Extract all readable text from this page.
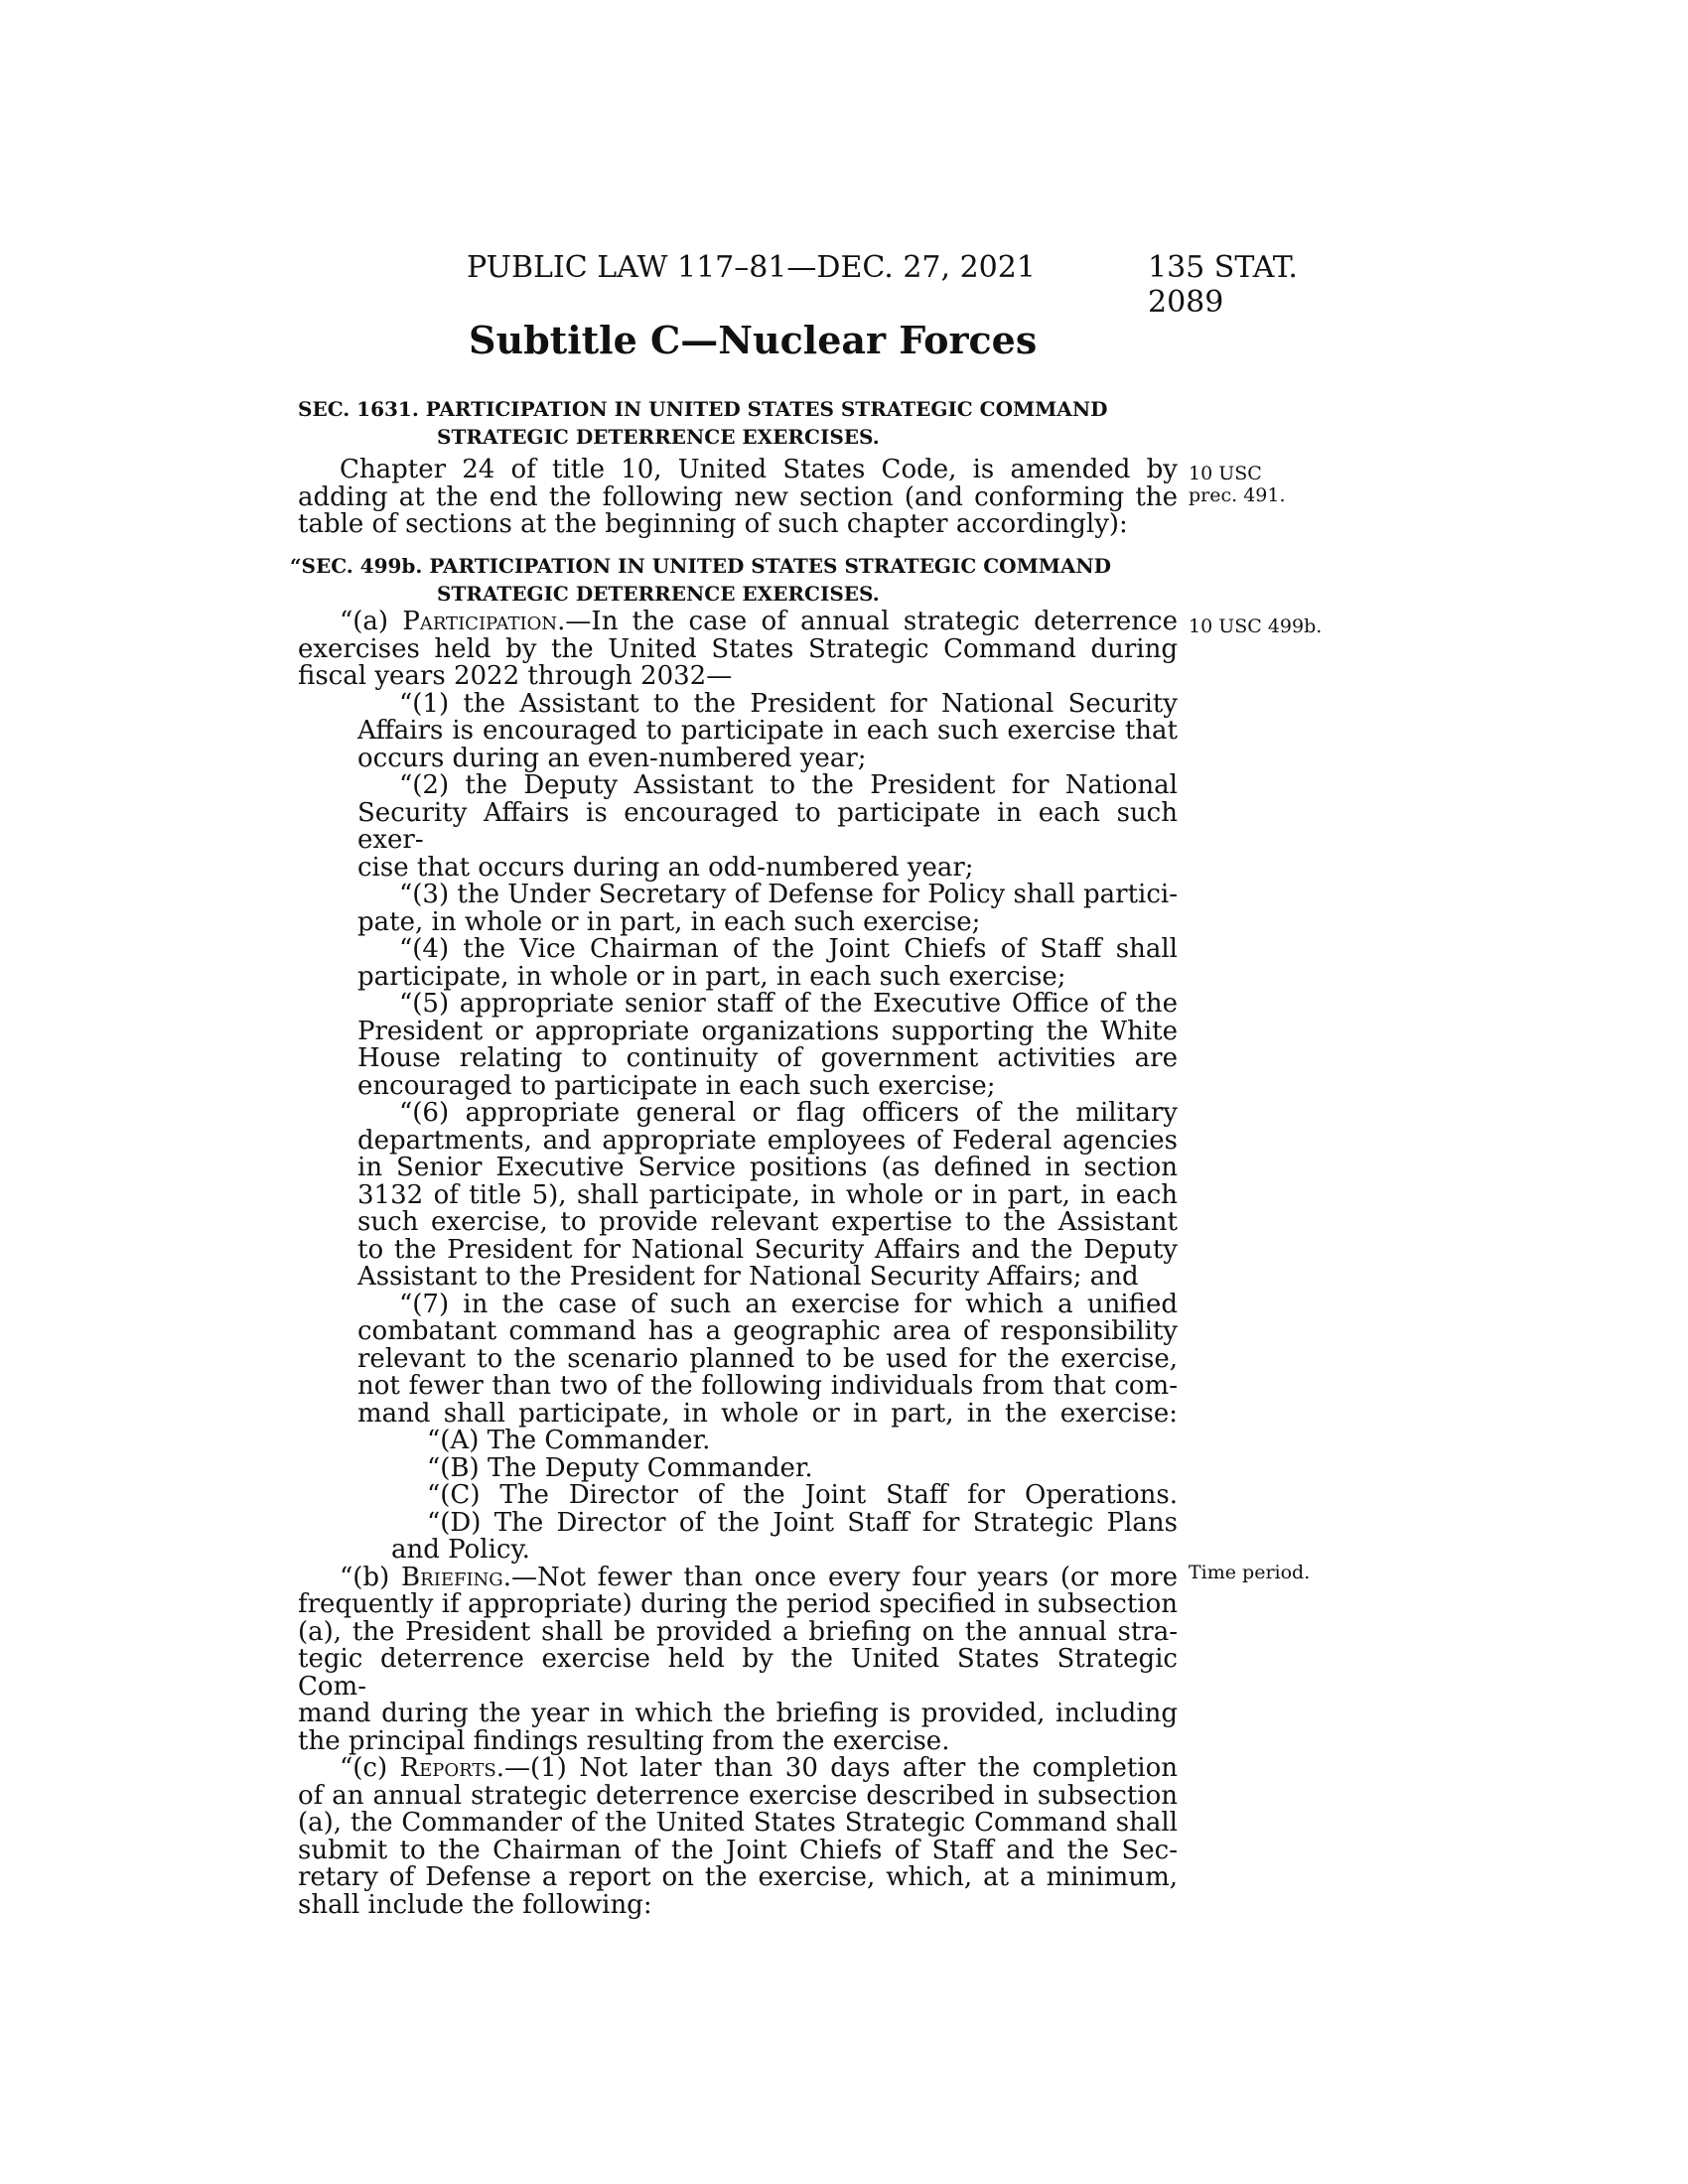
PUBLIC LAW 117–81—DEC. 27, 2021	135 STAT. 2089
Subtitle C—Nuclear Forces
SEC. 1631. PARTICIPATION IN UNITED STATES STRATEGIC COMMAND
STRATEGIC DETERRENCE EXERCISES.

Chapter 24 of title 10, United States Code, is amended by

adding at the end the following new section (and conforming the
table of sections at the beginning of such chapter accordingly):

10 USC
prec. 491.
“SEC. 499b. PARTICIPATION IN UNITED STATES STRATEGIC COMMAND
STRATEGIC DETERRENCE EXERCISES.
10 USC 499b.

“(a) Participation.—In the case of annual strategic deterrence

exercises held by the United States Strategic Command during
fiscal years 2022 through 2032—

“(1) the Assistant to the President for National Security

Affairs is encouraged to participate in each such exercise that
occurs during an even-numbered year;

“(2) the Deputy Assistant to the President for National

Security Affairs is encouraged to participate in each such exer-
cise that occurs during an odd-numbered year;

“(3) the Under Secretary of Defense for Policy shall partici-

pate, in whole or in part, in each such exercise;

“(4) the Vice Chairman of the Joint Chiefs of Staff shall

participate, in whole or in part, in each such exercise;

“(5) appropriate senior staff of the Executive Office of the

President or appropriate organizations supporting the White
House relating to continuity of government activities are
encouraged to participate in each such exercise;

“(6) appropriate general or flag officers of the military

departments, and appropriate employees of Federal agencies
in Senior Executive Service positions (as defined in section
3132 of title 5), shall participate, in whole or in part, in each
such exercise, to provide relevant expertise to the Assistant
to the President for National Security Affairs and the Deputy
Assistant to the President for National Security Affairs; and

“(7) in the case of such an exercise for which a unified

combatant command has a geographic area of responsibility
relevant to the scenario planned to be used for the exercise,
not fewer than two of the following individuals from that com-
mand shall participate, in whole or in part, in the exercise:

“(A) The Commander.

“(B) The Deputy Commander.

“(C) The Director of the Joint Staff for Operations.

“(D) The Director of the Joint Staff for Strategic Plans

and Policy.

“(b) Briefing.—Not fewer than once every four years (or more

frequently if appropriate) during the period specified in subsection
(a), the President shall be provided a briefing on the annual stra-
tegic deterrence exercise held by the United States Strategic Com-
mand during the year in which the briefing is provided, including
the principal findings resulting from the exercise.

“(c) Reports.—(1) Not later than 30 days after the completion

of an annual strategic deterrence exercise described in subsection
(a), the Commander of the United States Strategic Command shall
submit to the Chairman of the Joint Chiefs of Staff and the Sec-
retary of Defense a report on the exercise, which, at a minimum,
shall include the following:

Time period.
